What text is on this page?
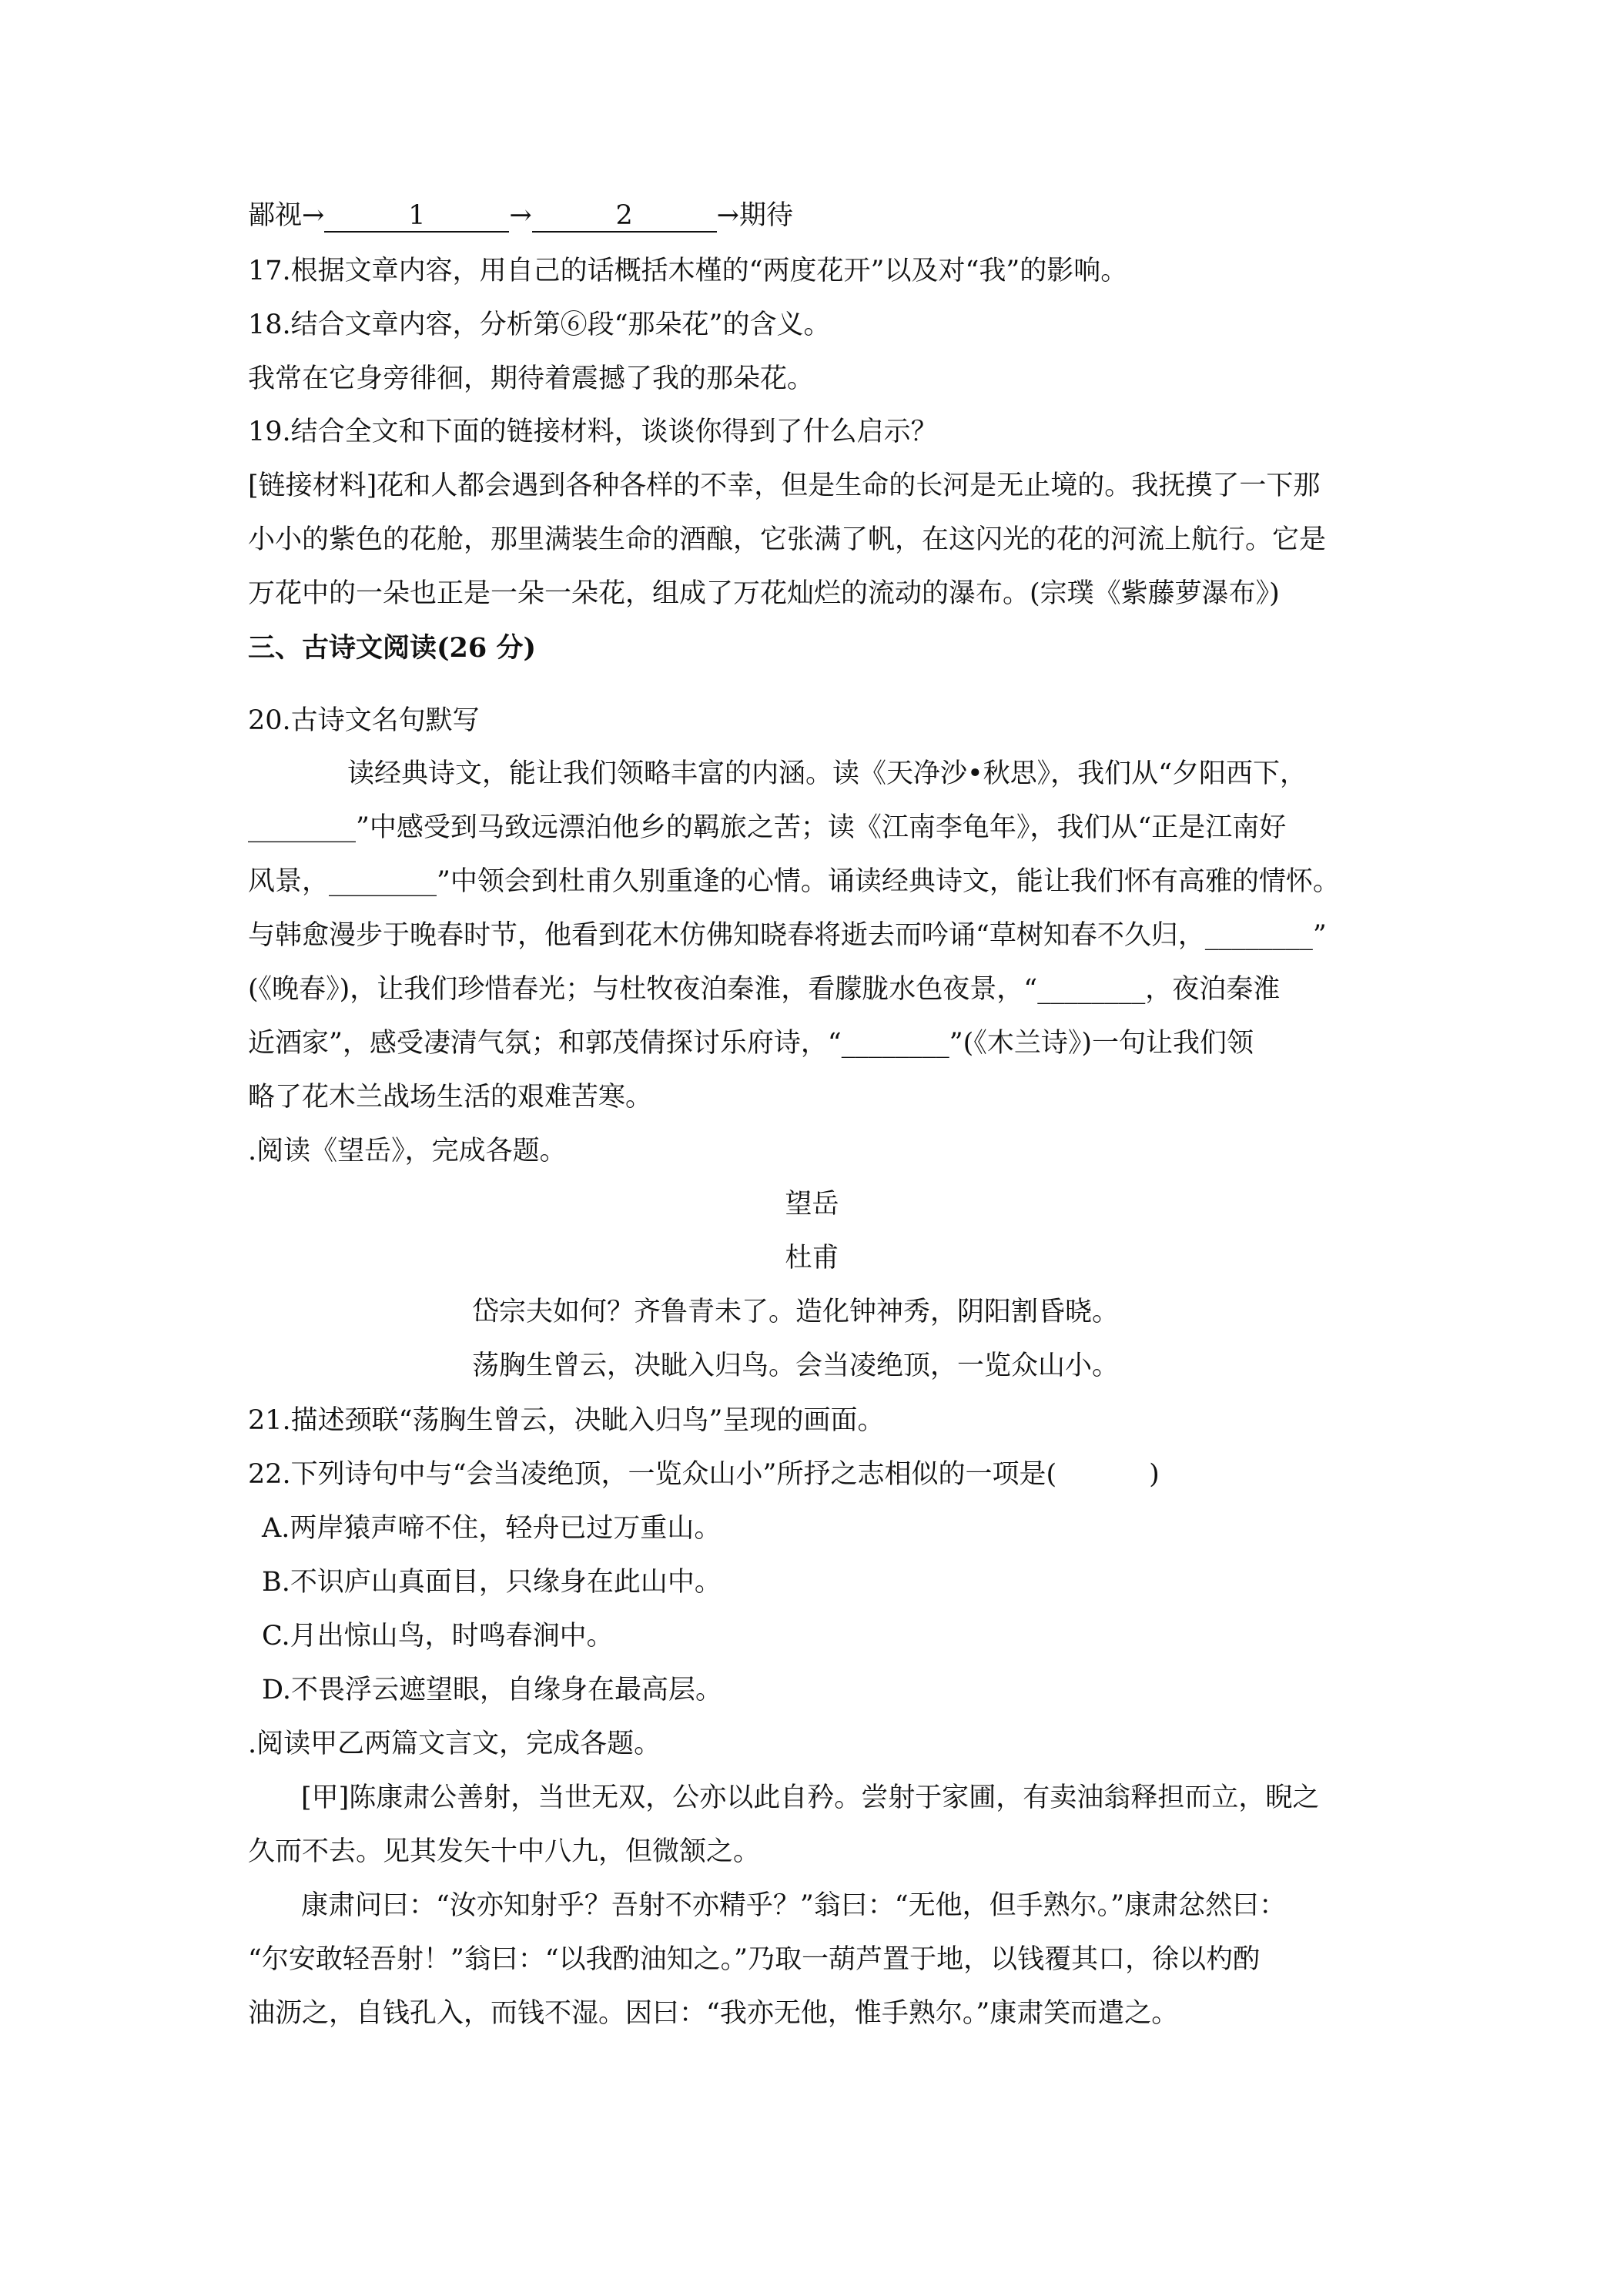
鄙视→	1	→	2	→期待
17.根据文章内容，用自己的话概括木槿的“两度花开”以及对“我”的影响。
18.结合文章内容，分析第⑥段“那朵花”的含义。
我常在它身旁徘徊，期待着震撼了我的那朵花。
19.结合全文和下面的链接材料，谈谈你得到了什么启示？
[链接材料]花和人都会遇到各种各样的不幸，但是生命的长河是无止境的。我抚摸了一下那
小小的紫色的花舱，那里满装生命的酒酿，它张满了帆，在这闪光的花的河流上航行。它是
万花中的一朵也正是一朵一朵花，组成了万花灿烂的流动的瀑布。(宗璞《紫藤萝瀑布》)
三、古诗文阅读(26 分)
20.古诗文名句默写
读经典诗文，能让我们领略丰富的内涵。读《天净沙•秋思》，我们从“夕阳西下，
________”中感受到马致远漂泊他乡的羁旅之苦；读《江南李龟年》，我们从“正是江南好
风景，________”中领会到杜甫久别重逢的心情。诵读经典诗文，能让我们怀有高雅的情怀。
与韩愈漫步于晚春时节，他看到花木仿佛知晓春将逝去而吟诵“草树知春不久归，________”
(《晚春》)，让我们珍惜春光；与杜牧夜泊秦淮，看朦胧水色夜景，“________，夜泊秦淮
近酒家”，感受凄清气氛；和郭茂倩探讨乐府诗，“________”(《木兰诗》)一句让我们领
略了花木兰战场生活的艰难苦寒。
.阅读《望岳》，完成各题。
望岳
杜甫
岱宗夫如何？齐鲁青未了。造化钟神秀，阴阳割昏晓。
荡胸生曾云，决眦入归鸟。会当凌绝顶，一览众山小。
21.描述颈联“荡胸生曾云，决眦入归鸟”呈现的画面。
22.下列诗句中与“会当凌绝顶，一览众山小”所抒之志相似的一项是(	)
A.两岸猿声啼不住，轻舟已过万重山。
B.不识庐山真面目，只缘身在此山中。
C.月出惊山鸟，时鸣春涧中。
D.不畏浮云遮望眼，自缘身在最高层。
.阅读甲乙两篇文言文，完成各题。
[甲]陈康肃公善射，当世无双，公亦以此自矜。尝射于家圃，有卖油翁释担而立，睨之
久而不去。见其发矢十中八九，但微颔之。
康肃问曰：“汝亦知射乎？吾射不亦精乎？”翁曰：“无他，但手熟尔。”康肃忿然曰：
“尔安敢轻吾射！”翁曰：“以我酌油知之。”乃取一葫芦置于地，以钱覆其口，徐以杓酌
油沥之，自钱孔入，而钱不湿。因曰：“我亦无他，惟手熟尔。”康肃笑而遣之。
